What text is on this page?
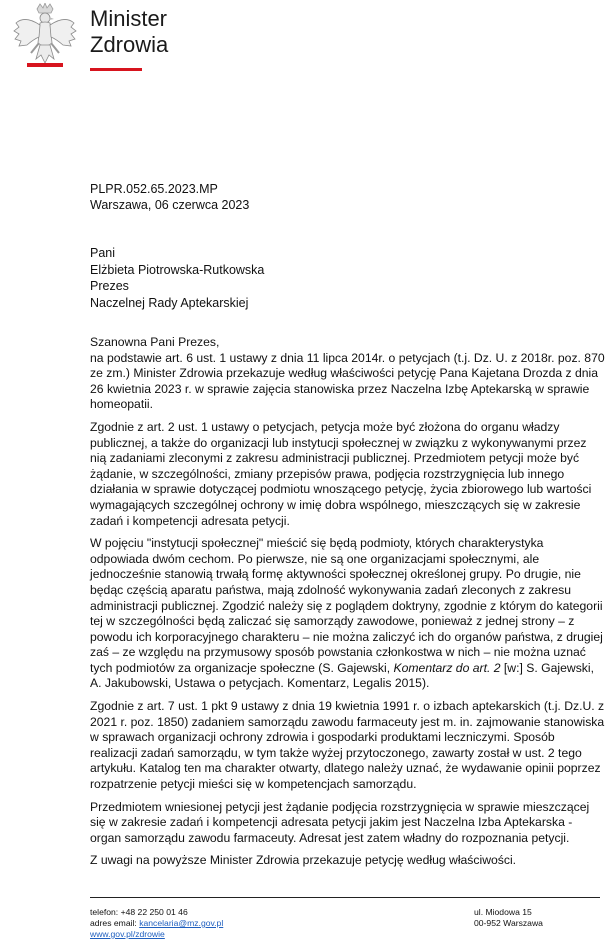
Minister
Zdrowia
PLPR.052.65.2023.MP
Warszawa, 06 czerwca 2023
Pani
Elżbieta Piotrowska-Rutkowska
Prezes
Naczelnej Rady Aptekarskiej

Szanowna Pani Prezes,

na podstawie art. 6 ust. 1 ustawy z dnia 11 lipca 2014r. o petycjach (t.j. Dz. U. z 2018r. poz. 870 ze zm.) Minister Zdrowia przekazuje według właściwości petycję Pana Kajetana Drozda z dnia 26 kwietnia 2023 r. w sprawie zajęcia stanowiska przez Naczelna Izbę Aptekarską w sprawie homeopatii.

Zgodnie z art. 2 ust. 1 ustawy o petycjach, petycja może być złożona do organu władzy publicznej, a także do organizacji lub instytucji społecznej w związku z wykonywanymi przez nią zadaniami zleconymi z zakresu administracji publicznej. Przedmiotem petycji może być żądanie, w szczególności, zmiany przepisów prawa, podjęcia rozstrzygnięcia lub innego działania w sprawie dotyczącej podmiotu wnoszącego petycję, życia zbiorowego lub wartości wymagających szczególnej ochrony w imię dobra wspólnego, mieszczących się w zakresie zadań i kompetencji adresata petycji.

W pojęciu "instytucji społecznej" mieścić się będą podmioty, których charakterystyka odpowiada dwóm cechom. Po pierwsze, nie są one organizacjami społecznymi, ale jednocześnie stanowią trwałą formę aktywności społecznej określonej grupy. Po drugie, nie będąc częścią aparatu państwa, mają zdolność wykonywania zadań zleconych z zakresu administracji publicznej. Zgodzić należy się z poglądem doktryny, zgodnie z którym do kategorii tej w szczególności będą zaliczać się samorządy zawodowe, ponieważ z jednej strony – z powodu ich korporacyjnego charakteru – nie można zaliczyć ich do organów państwa, z drugiej zaś – ze względu na przymusowy sposób powstania członkostwa w nich – nie można uznać tych podmiotów za organizacje społeczne (S. Gajewski, Komentarz do art. 2 [w:] S. Gajewski, A. Jakubowski, Ustawa o petycjach. Komentarz, Legalis 2015).

Zgodnie z art. 7 ust. 1 pkt 9 ustawy z dnia 19 kwietnia 1991 r. o izbach aptekarskich (t.j. Dz.U. z 2021 r. poz. 1850) zadaniem samorządu zawodu farmaceuty jest m. in. zajmowanie stanowiska w sprawach organizacji ochrony zdrowia i gospodarki produktami leczniczymi. Sposób realizacji zadań samorządu, w tym także wyżej przytoczonego, zawarty został w ust. 2 tego artykułu. Katalog ten ma charakter otwarty, dlatego należy uznać, że wydawanie opinii poprzez rozpatrzenie petycji mieści się w kompetencjach samorządu.

Przedmiotem wniesionej petycji jest żądanie podjęcia rozstrzygnięcia w sprawie mieszczącej się w zakresie zadań i kompetencji adresata petycji jakim jest Naczelna Izba Aptekarska - organ samorządu zawodu farmaceuty. Adresat jest zatem władny do rozpoznania petycji.

Z uwagi na powyższe Minister Zdrowia przekazuje petycję według właściwości.

telefon: +48 22 250 01 46
adres email: kancelaria@mz.gov.pl
www.gov.pl/zdrowie
ul. Miodowa 15
00-952 Warszawa
